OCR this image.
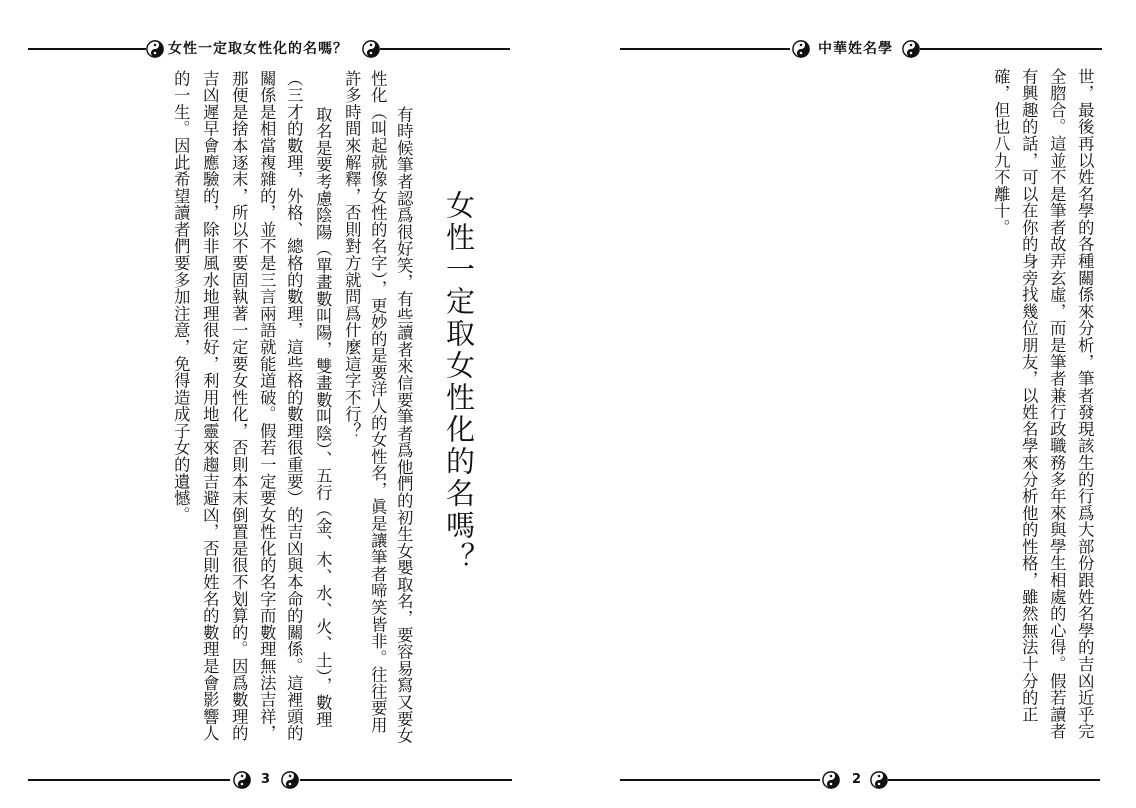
女性一定取女性化的名嗎？
女性一定取女性化的名嗎？
有時候筆者認爲很好笑，有些讀者來信要筆者爲他們的初生女嬰取名，要容易寫又要女
性化（叫起就像女性的名字），更妙的是要洋人的女性名，眞是讓筆者啼笑皆非。往往要用
許多時間來解釋，否則對方就問爲什麼這字不行？
取名是要考慮陰陽（單畫數叫陽，雙畫數叫陰）、五行（金、木、水、火、土），數理
（三才的數理，外格、總格的數理，這些格的數理很重要）的吉凶與本命的關係。這裡頭的
關係是相當複雜的，並不是三言兩語就能道破。假若一定要女性化的名字而數理無法吉祥，
那便是捨本逐末，所以不要固執著一定要女性化，否則本末倒置是很不划算的。因爲數理的
吉凶遲早會應驗的，除非風水地理很好，利用地靈來趨吉避凶，否則姓名的數理是會影響人
的一生。因此希望讀者們要多加注意，免得造成子女的遺憾。
3
中華姓名學
世，最後再以姓名學的各種關係來分析，筆者發現該生的行爲大部份跟姓名學的吉凶近乎完
全脗合。這並不是筆者故弄玄虛，而是筆者兼行政職務多年來與學生相處的心得。假若讀者
有興趣的話，可以在你的身旁找幾位朋友，以姓名學來分析他的性格，雖然無法十分的正
確，但也八九不離十。
2
